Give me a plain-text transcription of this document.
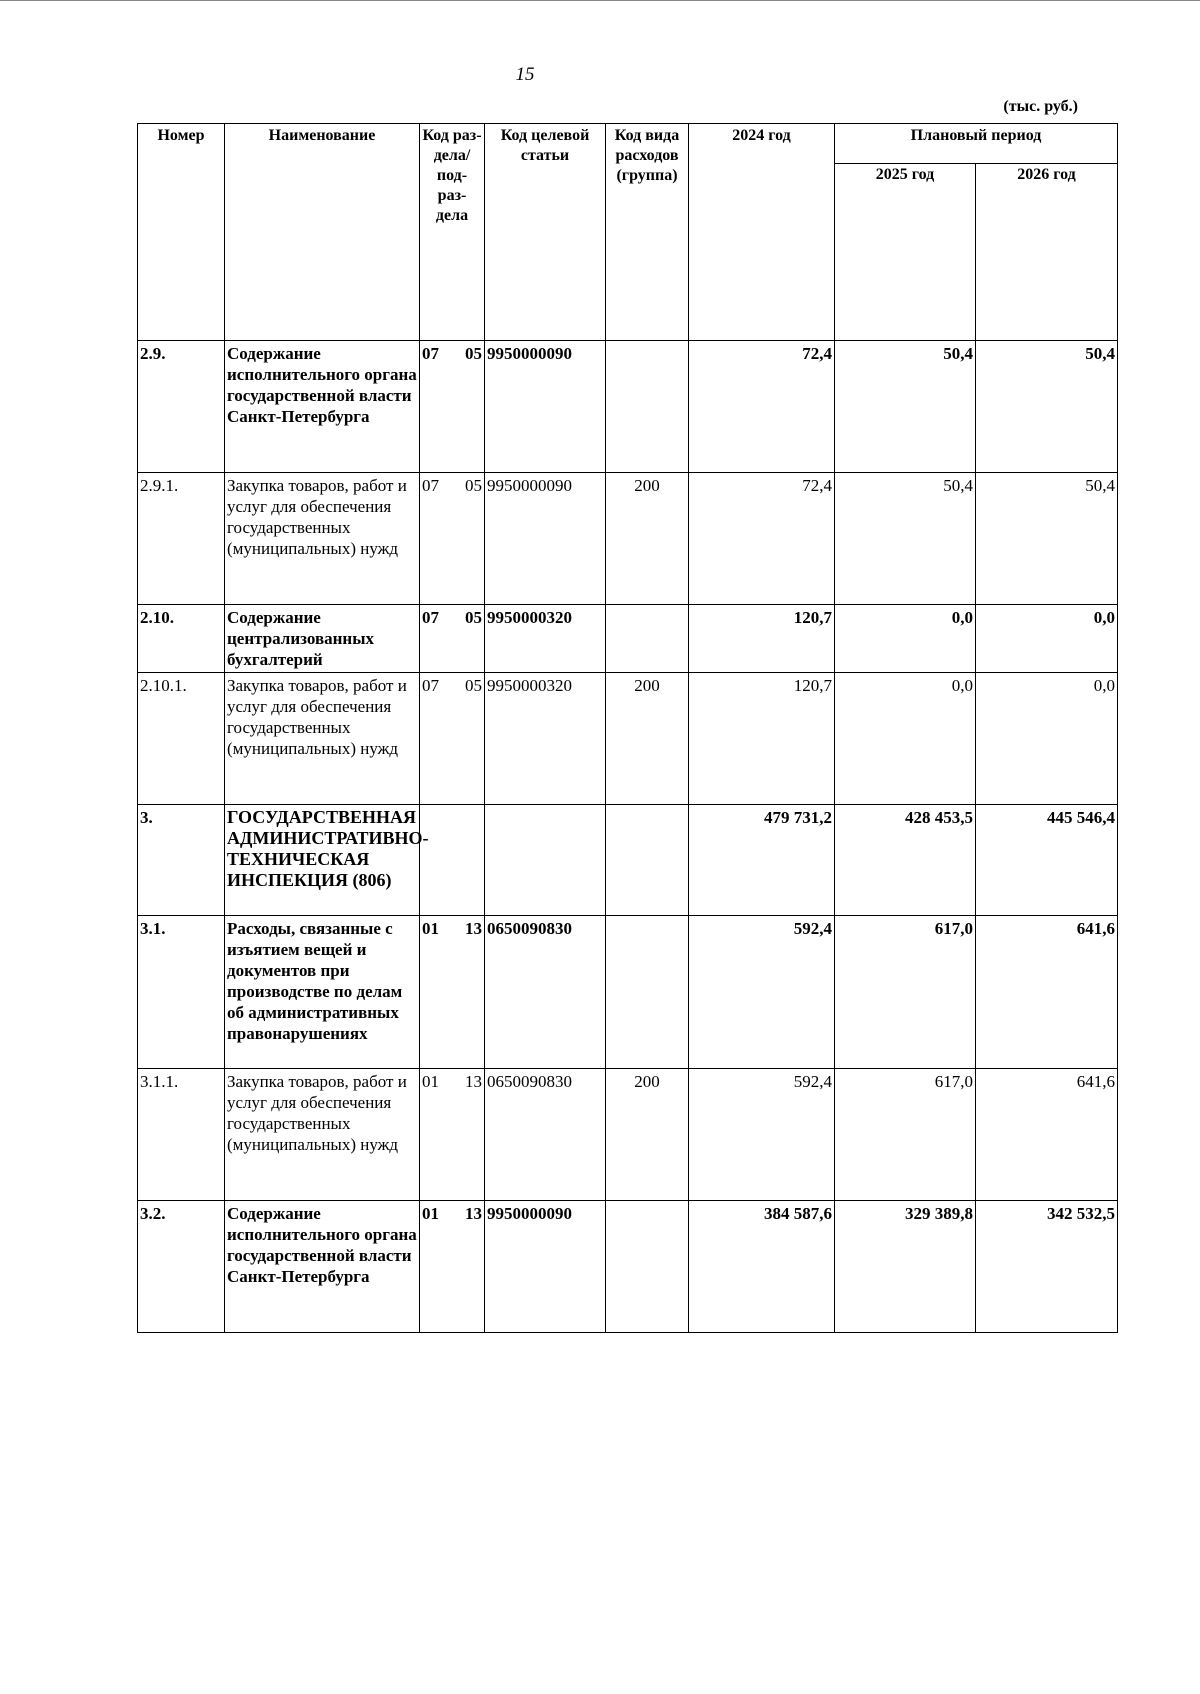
15
(тыс. руб.)
Номер	Наименование	Код раз- дела/ под- раз- дела	Код целевой статьи	Код вида расходов (группа)	2024 год	Плановый период	
						2025 год	2026 год
2.9.	Содержание исполнительного органа государственной власти Санкт-Петербурга	07 05	9950000090		72,4	50,4	50,4
2.9.1.	Закупка товаров, работ и услуг для обеспечения государственных (муниципальных) нужд	07 05	9950000090	200	72,4	50,4	50,4
2.10.	Содержание централизованных бухгалтерий	07 05	9950000320		120,7	0,0	0,0
2.10.1.	Закупка товаров, работ и услуг для обеспечения государственных (муниципальных) нужд	07 05	9950000320	200	120,7	0,0	0,0
3.	ГОСУДАРСТВЕННАЯ АДМИНИСТРАТИВНО-ТЕХНИЧЕСКАЯ ИНСПЕКЦИЯ (806)				479 731,2	428 453,5	445 546,4
3.1.	Расходы, связанные с изъятием вещей и документов при производстве по делам об административных правонарушениях	01 13	0650090830		592,4	617,0	641,6
3.1.1.	Закупка товаров, работ и услуг для обеспечения государственных (муниципальных) нужд	01 13	0650090830	200	592,4	617,0	641,6
3.2.	Содержание исполнительного органа государственной власти Санкт-Петербурга	01 13	9950000090		384 587,6	329 389,8	342 532,5
